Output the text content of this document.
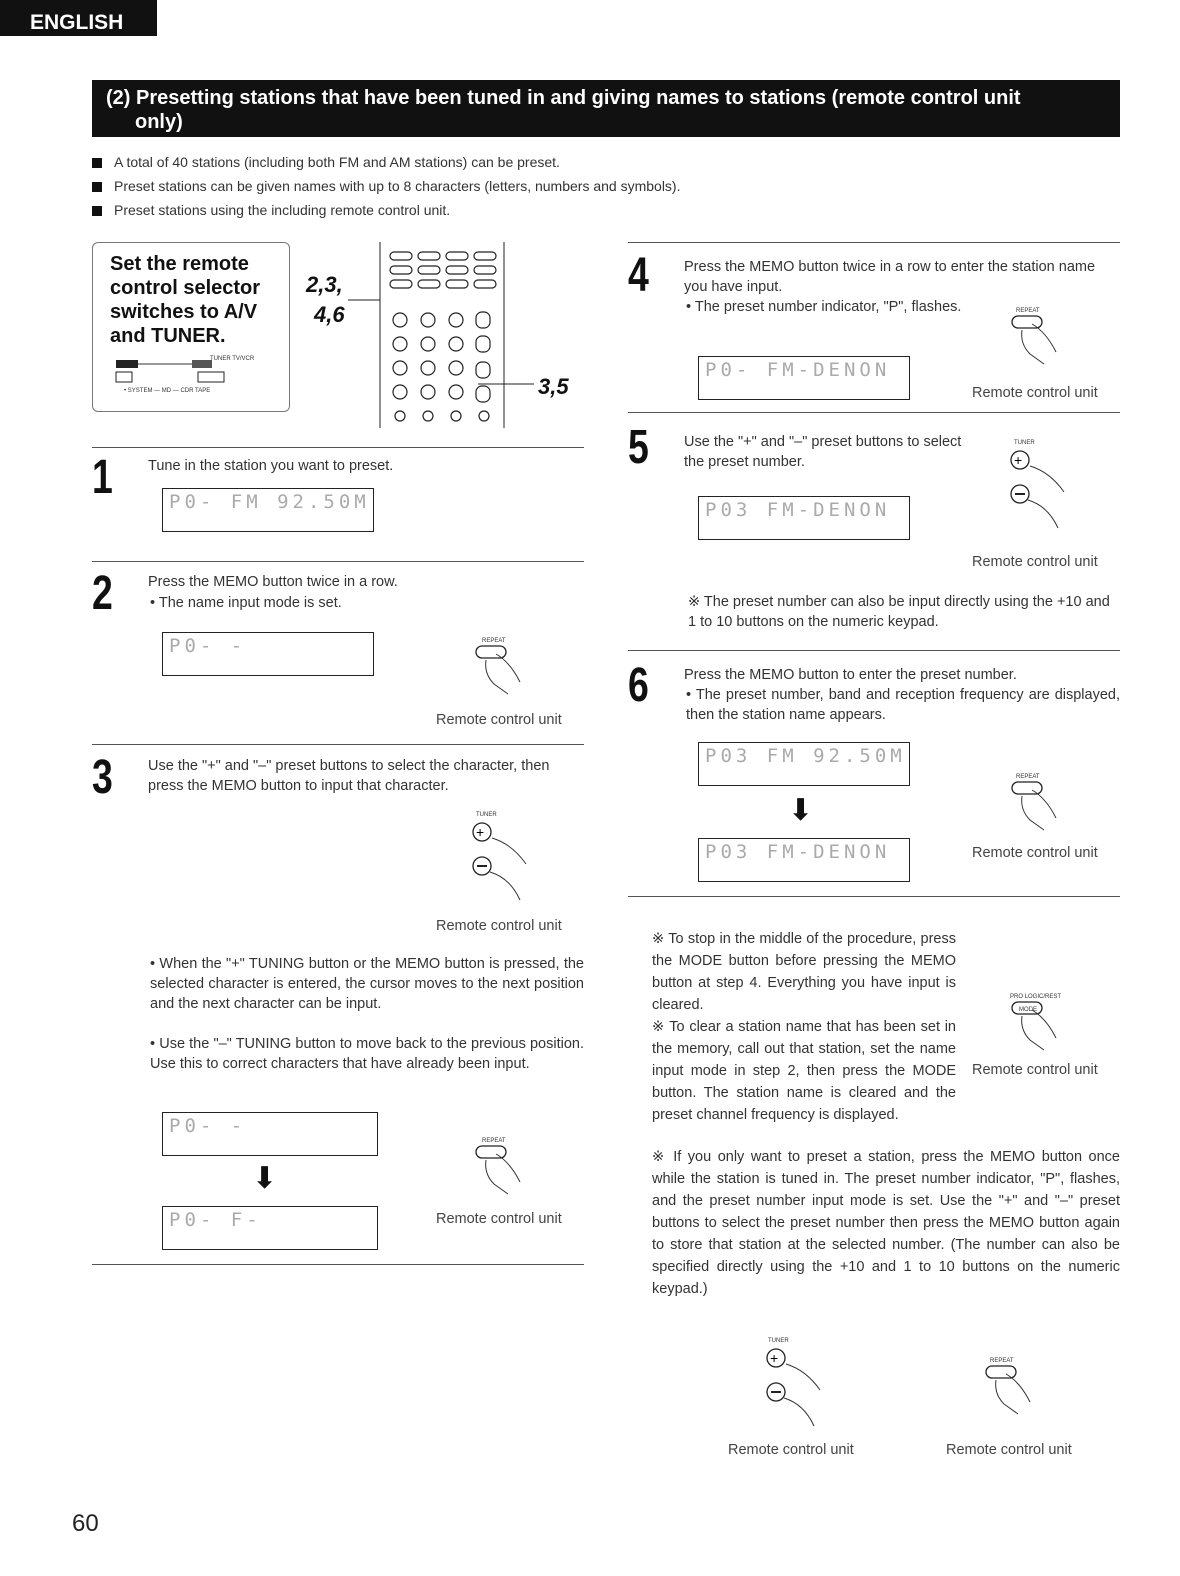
ENGLISH
(2) Presetting stations that have been tuned in and giving names to stations (remote control unit
only)
A total of 40 stations (including both FM and AM stations) can be preset.
Preset stations can be given names with up to 8 characters (letters, numbers and symbols).
Preset stations using the including remote control unit.
Set the remote control selector switches to A/V and TUNER.
TUNER TV/VCR
• SYSTEM — MD — CDR TAPE
2,3,
4,6
3,5
1 Tune in the station you want to preset.
P0- FM 92.50M
2 Press the MEMO button twice in a row.
• The name input mode is set.
P0- -	REPEAT
Remote control unit
3 Use the "+" and "–" preset buttons to select the character, then press the MEMO button to input that character.
TUNER
+
Remote control unit
• When the "+" TUNING button or the MEMO button is pressed, the selected character is entered, the cursor moves to the next position and the next character can be input.
• Use the "–" TUNING button to move back to the previous position. Use this to correct characters that have already been input.
P0- -
⬇
P0- F-
REPEAT
Remote control unit
4 Press the MEMO button twice in a row to enter the station name you have input.
• The preset number indicator, "P", flashes.
P0- FM-DENON
REPEAT
Remote control unit
5 Use the "+" and "–" preset buttons to select the preset number.
TUNER
+
P03 FM-DENON
Remote control unit
※ The preset number can also be input directly using the +10 and 1 to 10 buttons on the numeric keypad.
6 Press the MEMO button to enter the preset number.
• The preset number, band and reception frequency are displayed, then the station name appears.
P03 FM 92.50M
⬇
P03 FM-DENON
REPEAT
Remote control unit
※ To stop in the middle of the procedure, press the MODE button before pressing the MEMO button at step 4. Everything you have input is cleared.
※ To clear a station name that has been set in the memory, call out that station, set the name input mode in step 2, then press the MODE button. The station name is cleared and the preset channel frequency is displayed.
PRO LOGIC/REST
MODE
Remote control unit
※ If you only want to preset a station, press the MEMO button once while the station is tuned in. The preset number indicator, "P", flashes, and the preset number input mode is set. Use the "+" and "–" preset buttons to select the preset number then press the MEMO button again to store that station at the selected number. (The number can also be specified directly using the +10 and 1 to 10 buttons on the numeric keypad.)
TUNER
+	REPEAT
Remote control unit	Remote control unit
60
